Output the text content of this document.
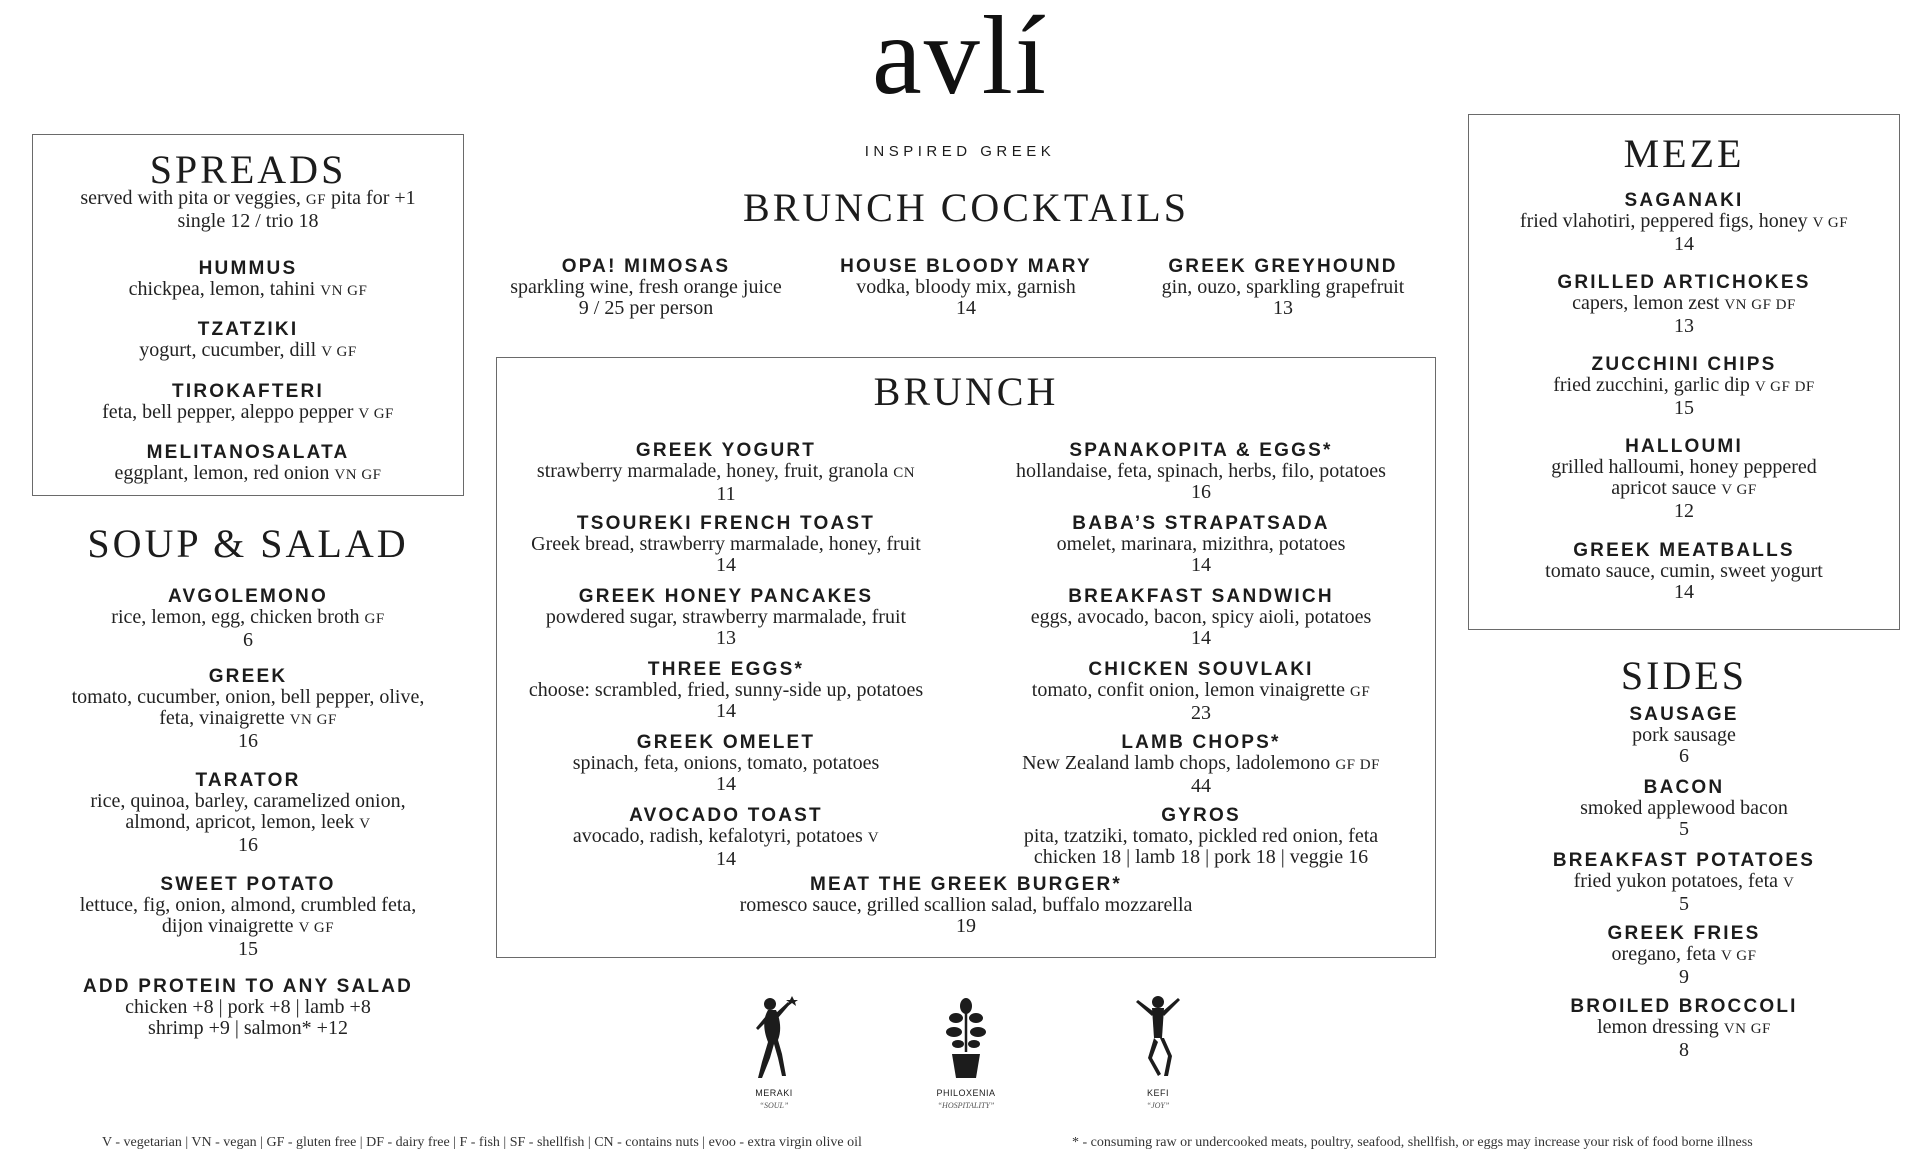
avlí
INSPIRED GREEK
SPREADS
served with pita or veggies, GF pita for +1
single 12 / trio 18
HUMMUS
chickpea, lemon, tahini VN GF
TZATZIKI
yogurt, cucumber, dill V GF
TIROKAFTERI
feta, bell pepper, aleppo pepper V GF
MELITANOSALATA
eggplant, lemon, red onion VN GF
SOUP & SALAD
AVGOLEMONO
rice, lemon, egg, chicken broth GF
6
GREEK
tomato, cucumber, onion, bell pepper, olive,
feta, vinaigrette VN GF
16
TARATOR
rice, quinoa, barley, caramelized onion,
almond, apricot, lemon, leek V
16
SWEET POTATO
lettuce, fig, onion, almond, crumbled feta,
dijon vinaigrette V GF
15
ADD PROTEIN TO ANY SALAD
chicken +8 | pork +8 | lamb +8
shrimp +9 | salmon* +12
BRUNCH COCKTAILS
OPA! MIMOSAS
sparkling wine, fresh orange juice
9 / 25 per person
HOUSE BLOODY MARY
vodka, bloody mix, garnish
14
GREEK GREYHOUND
gin, ouzo, sparkling grapefruit
13
BRUNCH
GREEK YOGURT
strawberry marmalade, honey, fruit, granola CN
11
TSOUREKI FRENCH TOAST
Greek bread, strawberry marmalade, honey, fruit
14
GREEK HONEY PANCAKES
powdered sugar, strawberry marmalade, fruit
13
THREE EGGS*
choose: scrambled, fried, sunny-side up, potatoes
14
GREEK OMELET
spinach, feta, onions, tomato, potatoes
14
AVOCADO TOAST
avocado, radish, kefalotyri, potatoes V
14
SPANAKOPITA & EGGS*
hollandaise, feta, spinach, herbs, filo, potatoes
16
BABA’S STRAPATSADA
omelet, marinara, mizithra, potatoes
14
BREAKFAST SANDWICH
eggs, avocado, bacon, spicy aioli, potatoes
14
CHICKEN SOUVLAKI
tomato, confit onion, lemon vinaigrette GF
23
LAMB CHOPS*
New Zealand lamb chops, ladolemono GF DF
44
GYROS
pita, tzatziki, tomato, pickled red onion, feta
chicken 18 | lamb 18 | pork 18 | veggie 16
MEAT THE GREEK BURGER*
romesco sauce, grilled scallion salad, buffalo mozzarella
19
MEZE
SAGANAKI
fried vlahotiri, peppered figs, honey V GF
14
GRILLED ARTICHOKES
capers, lemon zest VN GF DF
13
ZUCCHINI CHIPS
fried zucchini, garlic dip V GF DF
15
HALLOUMI
grilled halloumi, honey peppered
apricot sauce V GF
12
GREEK MEATBALLS
tomato sauce, cumin, sweet yogurt
14
SIDES
SAUSAGE
pork sausage
6
BACON
smoked applewood bacon
5
BREAKFAST POTATOES
fried yukon potatoes, feta V
5
GREEK FRIES
oregano, feta V GF
9
BROILED BROCCOLI
lemon dressing VN GF
8
MERAKI
“SOUL”
PHILOXENIA
“HOSPITALITY”
KEFI
“JOY”
V - vegetarian | VN - vegan | GF - gluten free | DF - dairy free | F - fish | SF - shellfish | CN - contains nuts | evoo - extra virgin olive oil	* - consuming raw or undercooked meats, poultry, seafood, shellfish, or eggs may increase your risk of food borne illness
